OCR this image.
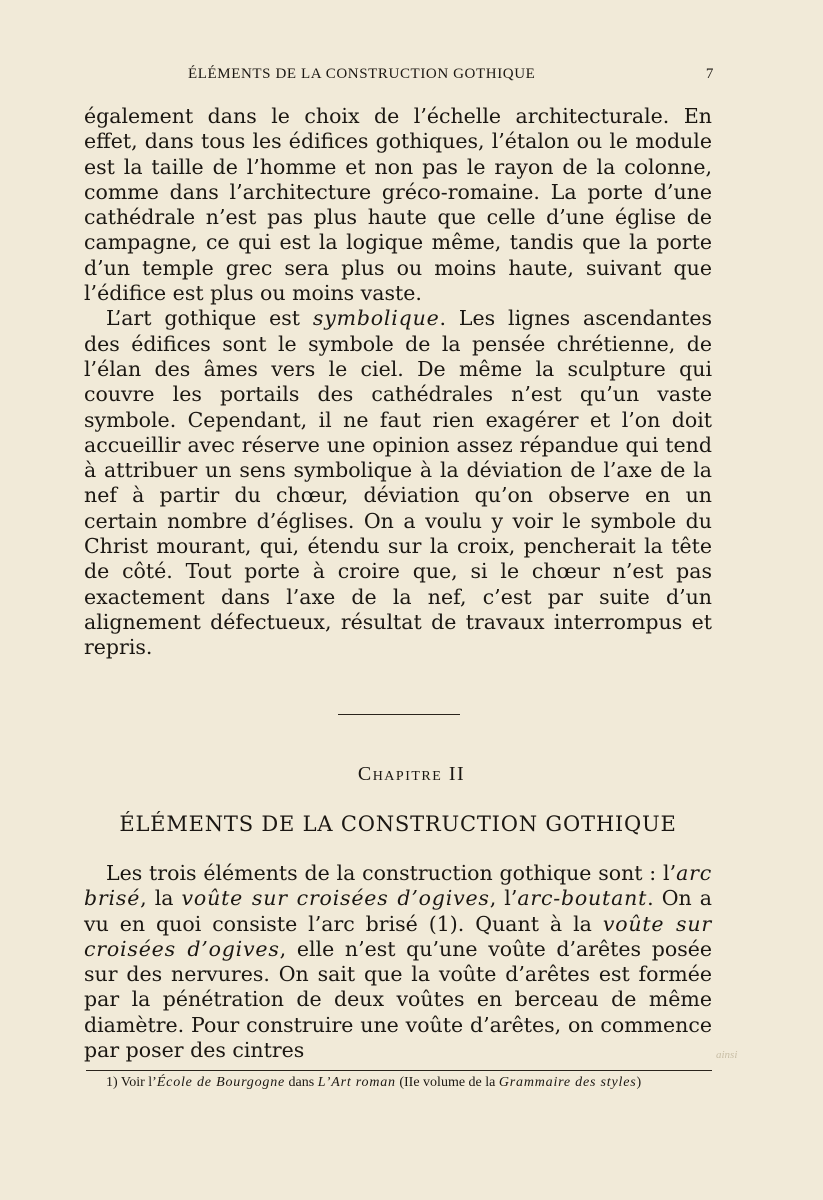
ÉLÉMENTS DE LA CONSTRUCTION GOTHIQUE	7

également dans le choix de l’échelle architecturale. En effet, dans tous les édifices gothiques, l’étalon ou le module est la taille de l’homme et non pas le rayon de la colonne, comme dans l’architecture gréco-romaine. La porte d’une cathédrale n’est pas plus haute que celle d’une église de campagne, ce qui est la logique même, tandis que la porte d’un temple grec sera plus ou moins haute, suivant que l’édifice est plus ou moins vaste.

L’art gothique est symbolique. Les lignes ascendantes des édifices sont le symbole de la pensée chrétienne, de l’élan des âmes vers le ciel. De même la sculpture qui couvre les portails des cathédrales n’est qu’un vaste symbole. Cependant, il ne faut rien exagérer et l’on doit accueillir avec réserve une opinion assez répandue qui tend à attribuer un sens symbolique à la déviation de l’axe de la nef à partir du chœur, déviation qu’on observe en un certain nombre d’églises. On a voulu y voir le symbole du Christ mourant, qui, étendu sur la croix, pencherait la tête de côté. Tout porte à croire que, si le chœur n’est pas exactement dans l’axe de la nef, c’est par suite d’un alignement défectueux, résultat de travaux interrompus et repris.

Chapitre II
ÉLÉMENTS DE LA CONSTRUCTION GOTHIQUE

Les trois éléments de la construction gothique sont : l’arc brisé, la voûte sur croisées d’ogives, l’arc-boutant. On a vu en quoi consiste l’arc brisé (1). Quant à la voûte sur croisées d’ogives, elle n’est qu’une voûte d’arêtes posée sur des nervures. On sait que la voûte d’arêtes est formée par la pénétration de deux voûtes en berceau de même diamètre. Pour construire une voûte d’arêtes, on commence par poser des cintres	ainsi
1) Voir l’École de Bourgogne dans L’Art roman (IIe volume de la Grammaire des styles)
